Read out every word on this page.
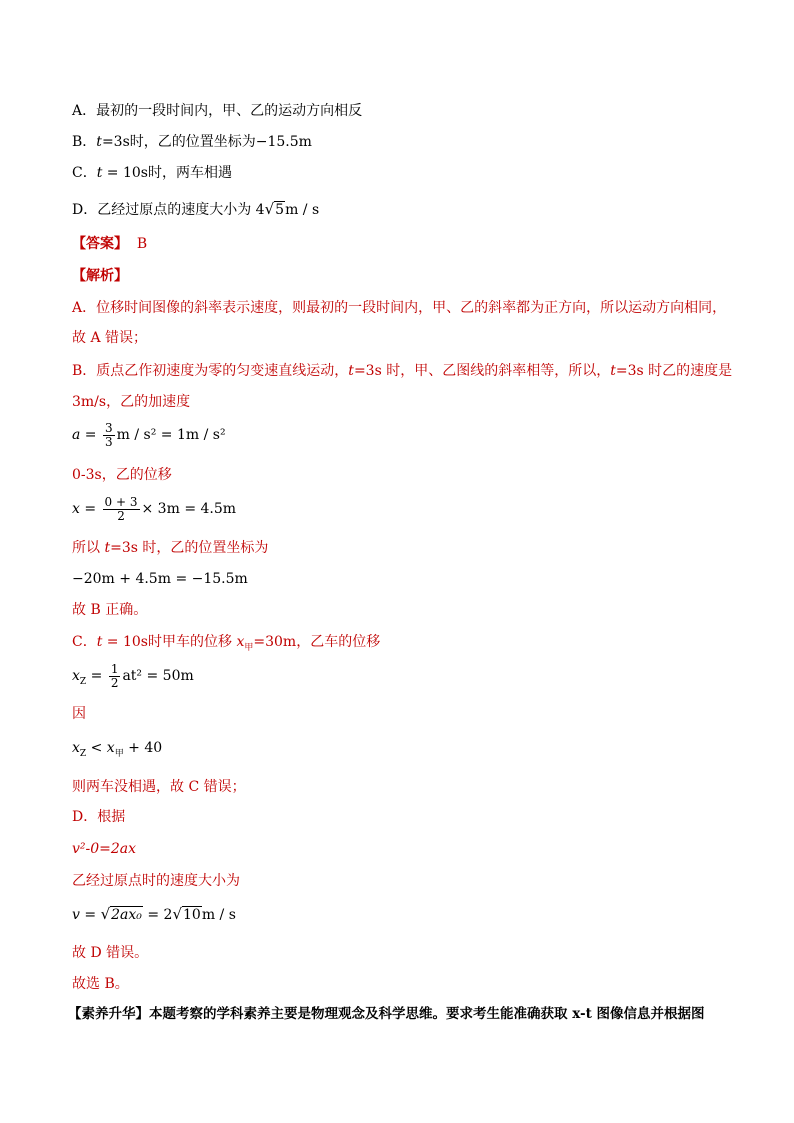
A．最初的一段时间内，甲、乙的运动方向相反
B．t=3s时，乙的位置坐标为−15.5m
C．t = 10s时，两车相遇
D．乙经过原点的速度大小为 4√5m / s
【答案】 B
【解析】
A．位移时间图像的斜率表示速度，则最初的一段时间内，甲、乙的斜率都为正方向，所以运动方向相同，
故 A 错误；
B．质点乙作初速度为零的匀变速直线运动，t=3s 时，甲、乙图线的斜率相等，所以，t=3s 时乙的速度是
3m/s，乙的加速度
$a = \frac{3}{3}$ m / s² = 1m / s²
0-3s，乙的位移
$x = \frac{0 + 3}{2} \times 3m = 4.5m$
所以 t=3s 时，乙的位置坐标为
−20m + 4.5m = −15.5m
故 B 正确。
C．t = 10s时甲车的位移 $x_甲=30m$，乙车的位移
$x_Z = \frac{1}{2} at^2 = 50m$
因
$x_Z < x_甲 + 40$
则两车没相遇，故 C 错误；
D．根据
v²-0=2ax
乙经过原点时的速度大小为
v = √2ax₀ = 2√10m / s
故 D 错误。
故选 B。
【素养升华】本题考察的学科素养主要是物理观念及科学思维。要求考生能准确获取 x-t 图像信息并根据图
